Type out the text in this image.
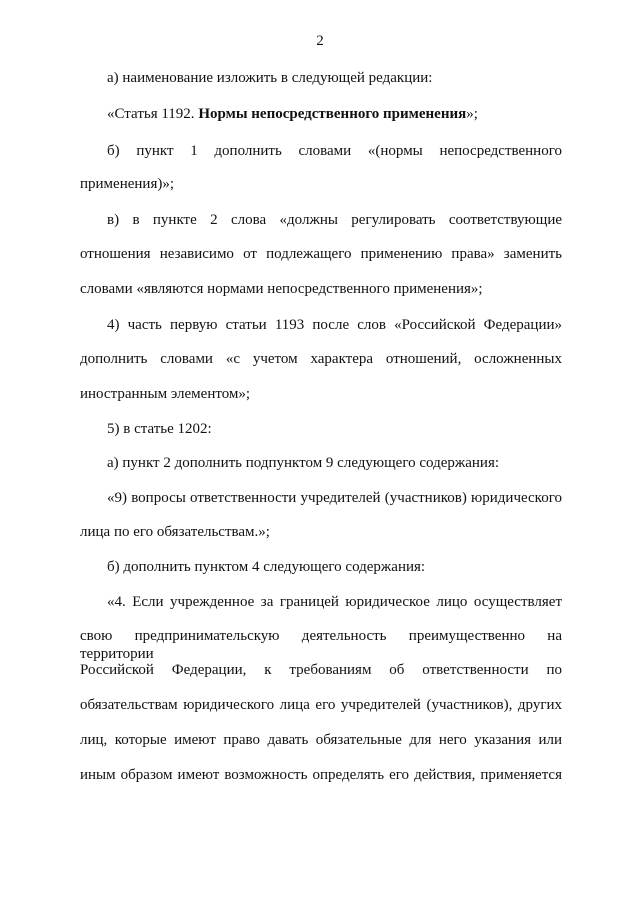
2
а) наименование изложить в следующей редакции:
«Статья 1192. Нормы непосредственного применения»;
б) пункт 1 дополнить словами «(нормы непосредственного
применения)»;
в) в пункте 2 слова «должны регулировать соответствующие
отношения независимо от подлежащего применению права» заменить
словами «являются нормами непосредственного применения»;
4) часть первую статьи 1193 после слов «Российской Федерации»
дополнить словами «с учетом характера отношений, осложненных
иностранным элементом»;
5) в статье 1202:
а) пункт 2 дополнить подпунктом 9 следующего содержания:
«9) вопросы ответственности учредителей (участников) юридического
лица по его обязательствам.»;
б) дополнить пунктом 4 следующего содержания:
«4. Если учрежденное за границей юридическое лицо осуществляет
свою предпринимательскую деятельность преимущественно на территории
Российской Федерации, к требованиям об ответственности по
обязательствам юридического лица его учредителей (участников), других
лиц, которые имеют право давать обязательные для него указания или
иным образом имеют возможность определять его действия, применяется
